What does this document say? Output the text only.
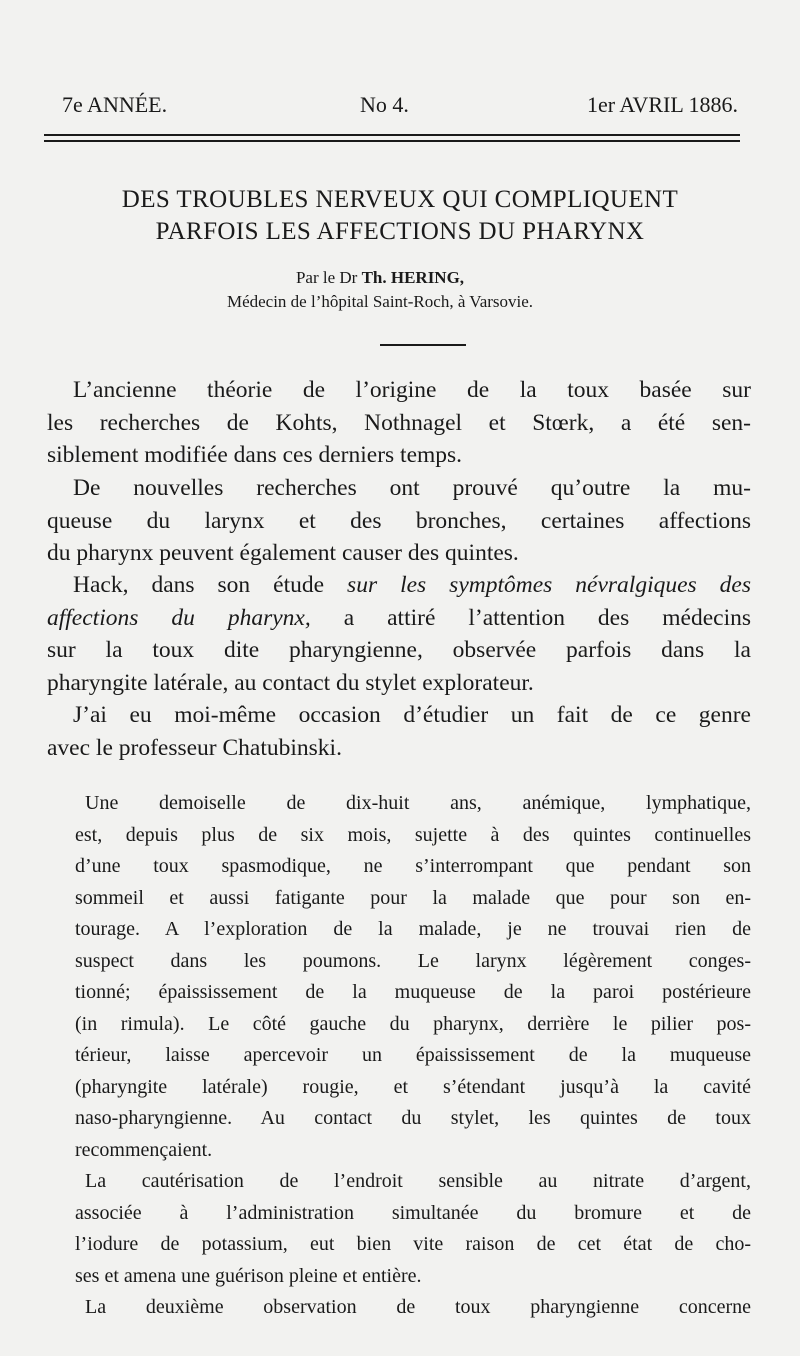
7e ANNÉE.	No 4.	1er AVRIL 1886.
DES TROUBLES NERVEUX QUI COMPLIQUENT
PARFOIS LES AFFECTIONS DU PHARYNX
Par le Dr Th. HERING,
Médecin de l’hôpital Saint-Roch, à Varsovie.
L’ancienne théorie de l’origine de la toux basée sur
les recherches de Kohts, Nothnagel et Stœrk, a été sen-
siblement modifiée dans ces derniers temps.
De nouvelles recherches ont prouvé qu’outre la mu-
queuse du larynx et des bronches, certaines affections
du pharynx peuvent également causer des quintes.
Hack, dans son étude sur les symptômes névralgiques des
affections du pharynx, a attiré l’attention des médecins
sur la toux dite pharyngienne, observée parfois dans la
pharyngite latérale, au contact du stylet explorateur.
J’ai eu moi-même occasion d’étudier un fait de ce genre
avec le professeur Chatubinski.
Une demoiselle de dix-huit ans, anémique, lymphatique,
est, depuis plus de six mois, sujette à des quintes continuelles
d’une toux spasmodique, ne s’interrompant que pendant son
sommeil et aussi fatigante pour la malade que pour son en-
tourage. A l’exploration de la malade, je ne trouvai rien de
suspect dans les poumons. Le larynx légèrement conges-
tionné; épaississement de la muqueuse de la paroi postérieure
(in rimula). Le côté gauche du pharynx, derrière le pilier pos-
térieur, laisse apercevoir un épaississement de la muqueuse
(pharyngite latérale) rougie, et s’étendant jusqu’à la cavité
naso-pharyngienne. Au contact du stylet, les quintes de toux
recommençaient.
La cautérisation de l’endroit sensible au nitrate d’argent,
associée à l’administration simultanée du bromure et de
l’iodure de potassium, eut bien vite raison de cet état de cho-
ses et amena une guérison pleine et entière.
La deuxième observation de toux pharyngienne concerne
